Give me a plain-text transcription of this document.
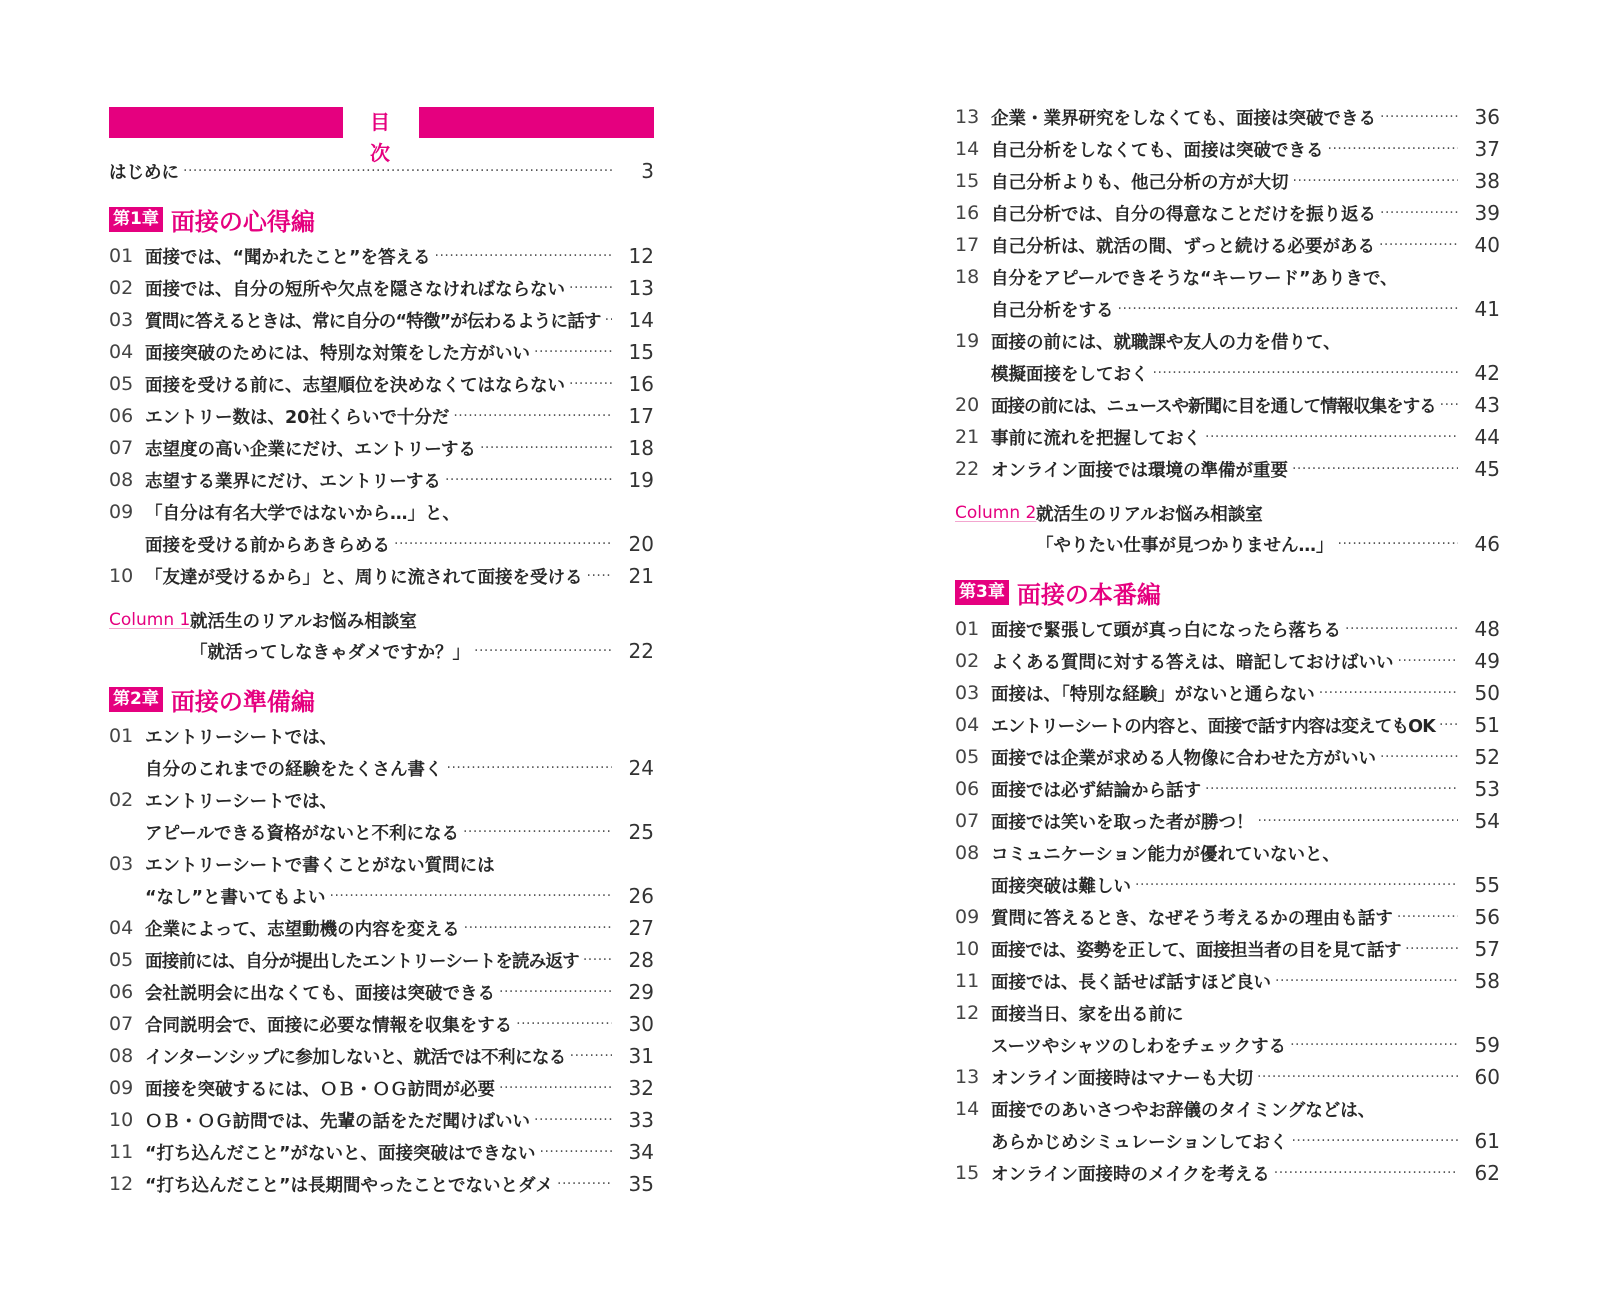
目 次
はじめに ·····	3
第1章 面接の心得編
01 面接では、“聞かれたこと”を答える ·····	12
02 面接では、自分の短所や欠点を隠さなければならない ·····	13
03 質問に答えるときは、常に自分の“特徴”が伝わるように話す ·····	14
04 面接突破のためには、特別な対策をした方がいい ·····	15
05 面接を受ける前に、志望順位を決めなくてはならない ·····	16
06 エントリー数は、20社くらいで十分だ ·····	17
07 志望度の高い企業にだけ、エントリーする ·····	18
08 志望する業界にだけ、エントリーする ·····	19
09 「自分は有名大学ではないから…」と、
面接を受ける前からあきらめる ·····	20
10 「友達が受けるから」と、周りに流されて面接を受ける ·····	21
Column 1 就活生のリアルお悩み相談室
「就活ってしなきゃダメですか？」 ·····	22
第2章 面接の準備編
01 エントリーシートでは、
自分のこれまでの経験をたくさん書く ·····	24
02 エントリーシートでは、
アピールできる資格がないと不利になる ·····	25
03 エントリーシートで書くことがない質問には
“なし”と書いてもよい ·····	26
04 企業によって、志望動機の内容を変える ·····	27
05 面接前には、自分が提出したエントリーシートを読み返す ·····	28
06 会社説明会に出なくても、面接は突破できる ·····	29
07 合同説明会で、面接に必要な情報を収集をする ·····	30
08 インターンシップに参加しないと、就活では不利になる ·····	31
09 面接を突破するには、ＯＢ・ＯＧ訪問が必要 ·····	32
10 ＯＢ・ＯＧ訪問では、先輩の話をただ聞けばいい ·····	33
11 “打ち込んだこと”がないと、面接突破はできない ·····	34
12 “打ち込んだこと”は長期間やったことでないとダメ ·····	35
13 企業・業界研究をしなくても、面接は突破できる ·····	36
14 自己分析をしなくても、面接は突破できる ·····	37
15 自己分析よりも、他己分析の方が大切 ·····	38
16 自己分析では、自分の得意なことだけを振り返る ·····	39
17 自己分析は、就活の間、ずっと続ける必要がある ·····	40
18 自分をアピールできそうな“キーワード”ありきで、
自己分析をする ·····	41
19 面接の前には、就職課や友人の力を借りて、
模擬面接をしておく ·····	42
20 面接の前には、ニュースや新聞に目を通して情報収集をする ·····	43
21 事前に流れを把握しておく ·····	44
22 オンライン面接では環境の準備が重要 ·····	45
Column 2 就活生のリアルお悩み相談室
「やりたい仕事が見つかりません…」 ·····	46
第3章 面接の本番編
01 面接で緊張して頭が真っ白になったら落ちる ·····	48
02 よくある質問に対する答えは、暗記しておけばいい ·····	49
03 面接は、「特別な経験」がないと通らない ·····	50
04 エントリーシートの内容と、面接で話す内容は変えてもOK ·····	51
05 面接では企業が求める人物像に合わせた方がいい ·····	52
06 面接では必ず結論から話す ·····	53
07 面接では笑いを取った者が勝つ！ ·····	54
08 コミュニケーション能力が優れていないと、
面接突破は難しい ·····	55
09 質問に答えるとき、なぜそう考えるかの理由も話す ·····	56
10 面接では、姿勢を正して、面接担当者の目を見て話す ·····	57
11 面接では、長く話せば話すほど良い ·····	58
12 面接当日、家を出る前に
スーツやシャツのしわをチェックする ·····	59
13 オンライン面接時はマナーも大切 ·····	60
14 面接でのあいさつやお辞儀のタイミングなどは、
あらかじめシミュレーションしておく ·····	61
15 オンライン面接時のメイクを考える ·····	62
